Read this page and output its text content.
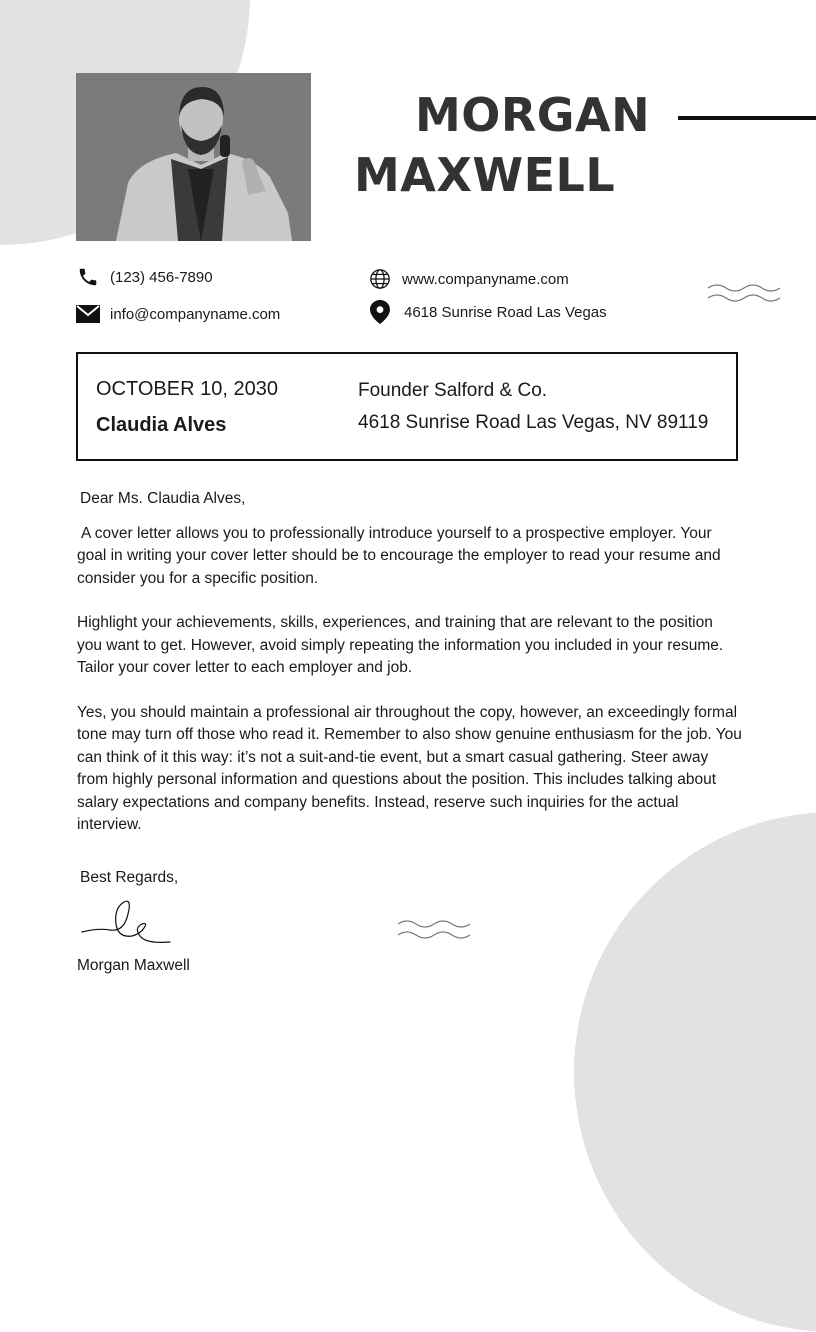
MORGAN
MAXWELL
(123) 456-7890
info@companyname.com
www.companyname.com
4618 Sunrise Road Las Vegas
OCTOBER 10, 2030
Claudia Alves
Founder Salford & Co.
4618 Sunrise Road Las Vegas, NV 89119

Dear Ms. Claudia Alves,

A cover letter allows you to professionally introduce yourself to a prospective employer. Your goal in writing your cover letter should be to encourage the employer to read your resume and consider you for a specific position.

Highlight your achievements, skills, experiences, and training that are relevant to the position you want to get. However, avoid simply repeating the information you included in your resume. Tailor your cover letter to each employer and job.

Yes, you should maintain a professional air throughout the copy, however, an exceedingly formal tone may turn off those who read it. Remember to also show genuine enthusiasm for the job. You can think of it this way: it’s not a suit-and-tie event, but a smart casual gathering. Steer away from highly personal information and questions about the position. This includes talking about salary expectations and company benefits. Instead, reserve such inquiries for the actual interview.

Best Regards,
Morgan Maxwell
